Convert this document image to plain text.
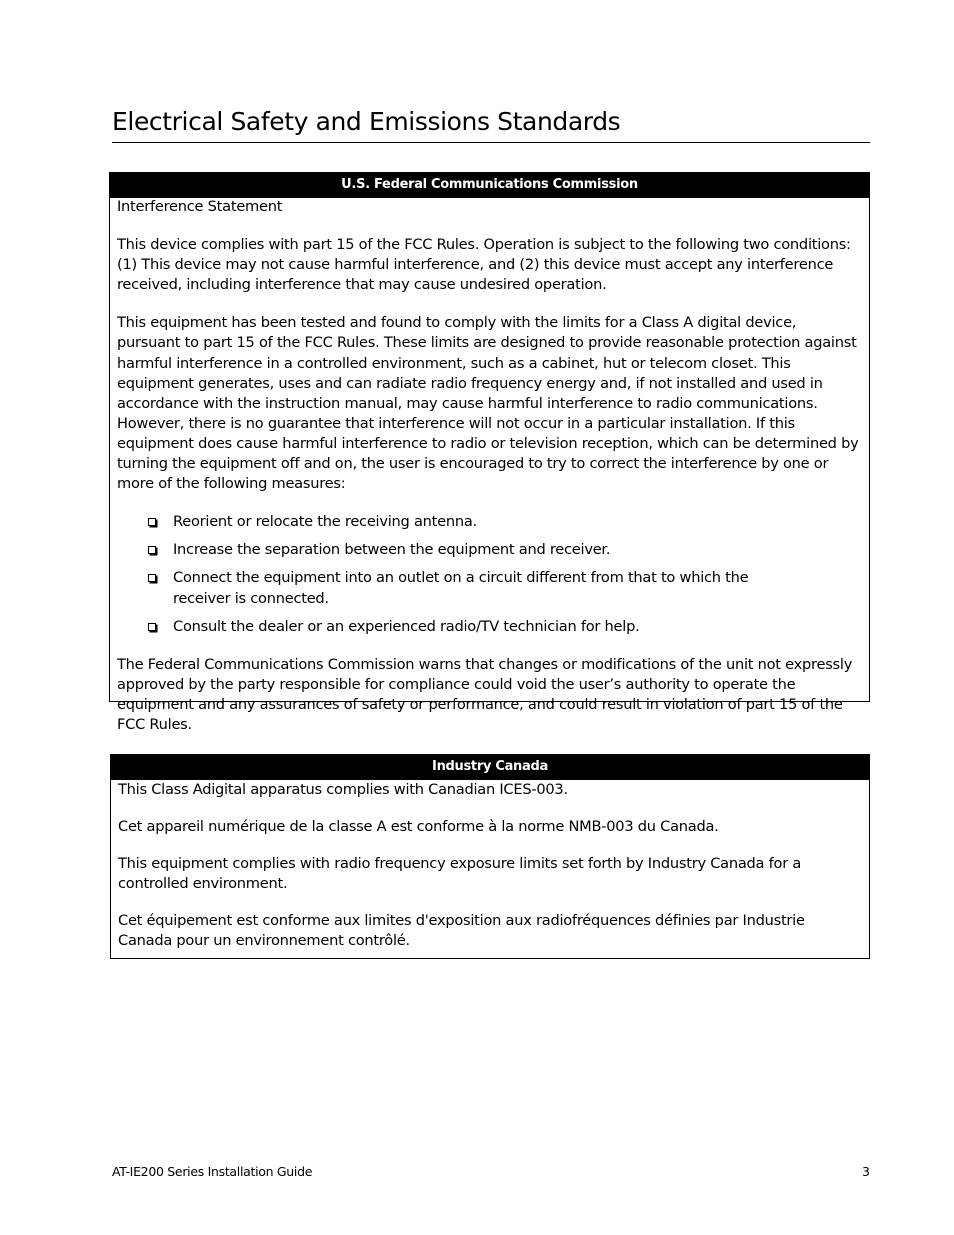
Electrical Safety and Emissions Standards
U.S. Federal Communications Commission

Interference Statement

This device complies with part 15 of the FCC Rules. Operation is subject to the following two conditions: (1) This device may not cause harmful interference, and (2) this device must accept any interference received, including interference that may cause undesired operation.

This equipment has been tested and found to comply with the limits for a Class A digital device, pursuant to part 15 of the FCC Rules. These limits are designed to provide reasonable protection against harmful interference in a controlled environment, such as a cabinet, hut or telecom closet. This equipment generates, uses and can radiate radio frequency energy and, if not installed and used in accordance with the instruction manual, may cause harmful interference to radio communications. However, there is no guarantee that interference will not occur in a particular installation. If this equipment does cause harmful interference to radio or television reception, which can be determined by turning the equipment off and on, the user is encouraged to try to correct the interference by one or more of the following measures:

Reorient or relocate the receiving antenna.
Increase the separation between the equipment and receiver.
Connect the equipment into an outlet on a circuit different from that to which the receiver is connected.
Consult the dealer or an experienced radio/TV technician for help.

The Federal Communications Commission warns that changes or modifications of the unit not expressly approved by the party responsible for compliance could void the user’s authority to operate the equipment and any assurances of safety or performance, and could result in violation of part 15 of the FCC Rules.

Industry Canada

This Class Adigital apparatus complies with Canadian ICES-003.

Cet appareil numérique de la classe A est conforme à la norme NMB-003 du Canada.

This equipment complies with radio frequency exposure limits set forth by Industry Canada for a controlled environment.

Cet équipement est conforme aux limites d'exposition aux radiofréquences définies par Industrie Canada pour un environnement contrôlé.

AT-IE200 Series Installation Guide	3
